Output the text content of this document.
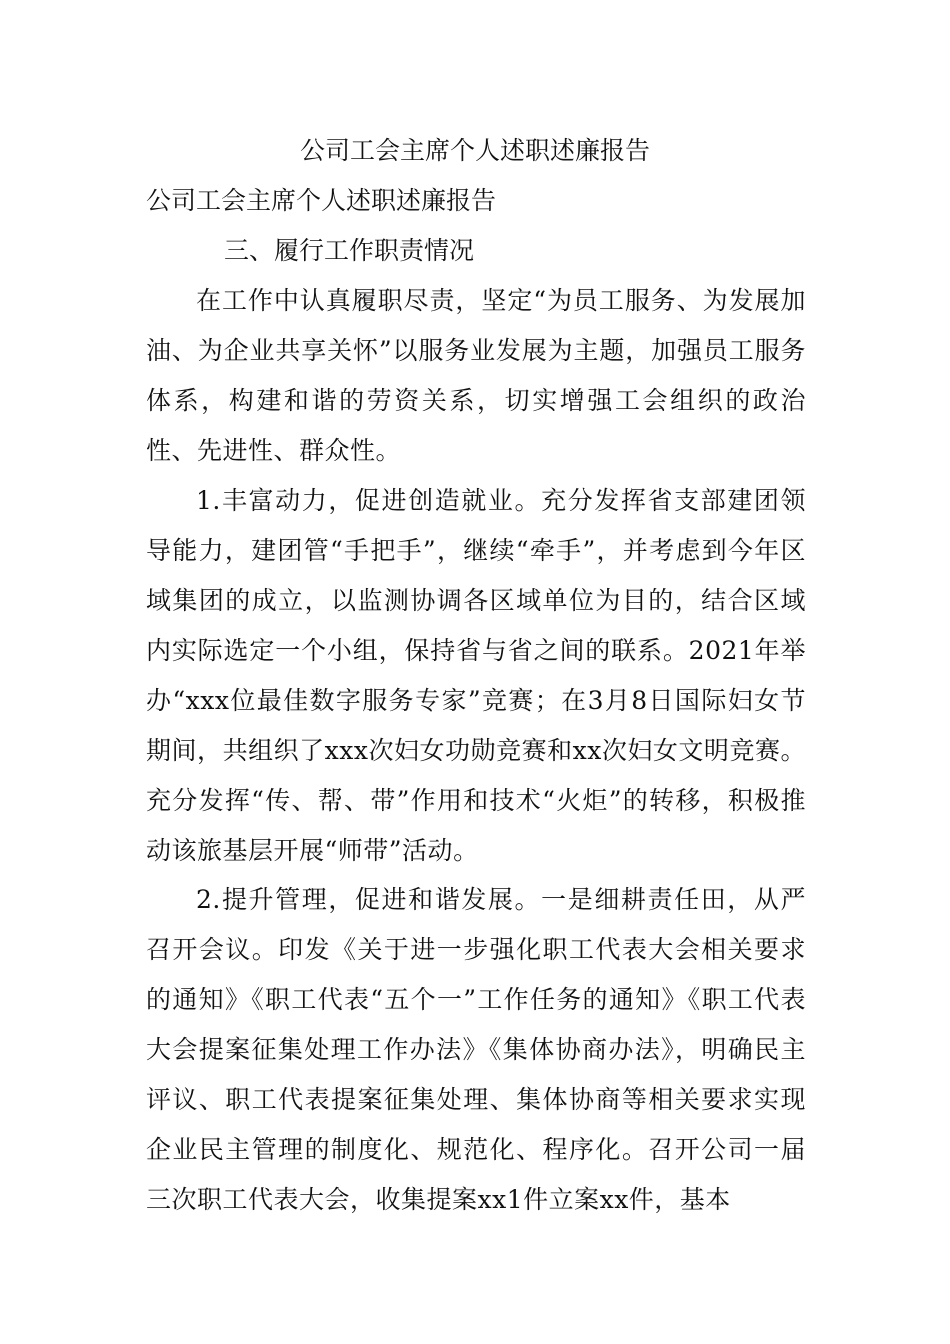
公司工会主席个人述职述廉报告
公司工会主席个人述职述廉报告
三、履行工作职责情况

在工作中认真履职尽责，坚定“为员工服务、为发展加油、为企业共享关怀”以服务业发展为主题，加强员工服务体系，构建和谐的劳资关系，切实增强工会组织的政治性、先进性、群众性。

1.丰富动力，促进创造就业。充分发挥省支部建团领导能力，建团管“手把手”，继续“牵手”，并考虑到今年区域集团的成立，以监测协调各区域单位为目的，结合区域内实际选定一个小组，保持省与省之间的联系。2021年举办“xxx位最佳数字服务专家”竞赛；在3月8日国际妇女节期间，共组织了xxx次妇女功勋竞赛和xx次妇女文明竞赛。充分发挥“传、帮、带”作用和技术“火炬”的转移，积极推动该旅基层开展“师带”活动。

2.提升管理，促进和谐发展。一是细耕责任田，从严召开会议。印发《关于进一步强化职工代表大会相关要求的通知》《职工代表“五个一”工作任务的通知》《职工代表大会提案征集处理工作办法》《集体协商办法》，明确民主评议、职工代表提案征集处理、集体协商等相关要求实现企业民主管理的制度化、规范化、程序化。召开公司一届三次职工代表大会，收集提案xx1件立案xx件，基本
